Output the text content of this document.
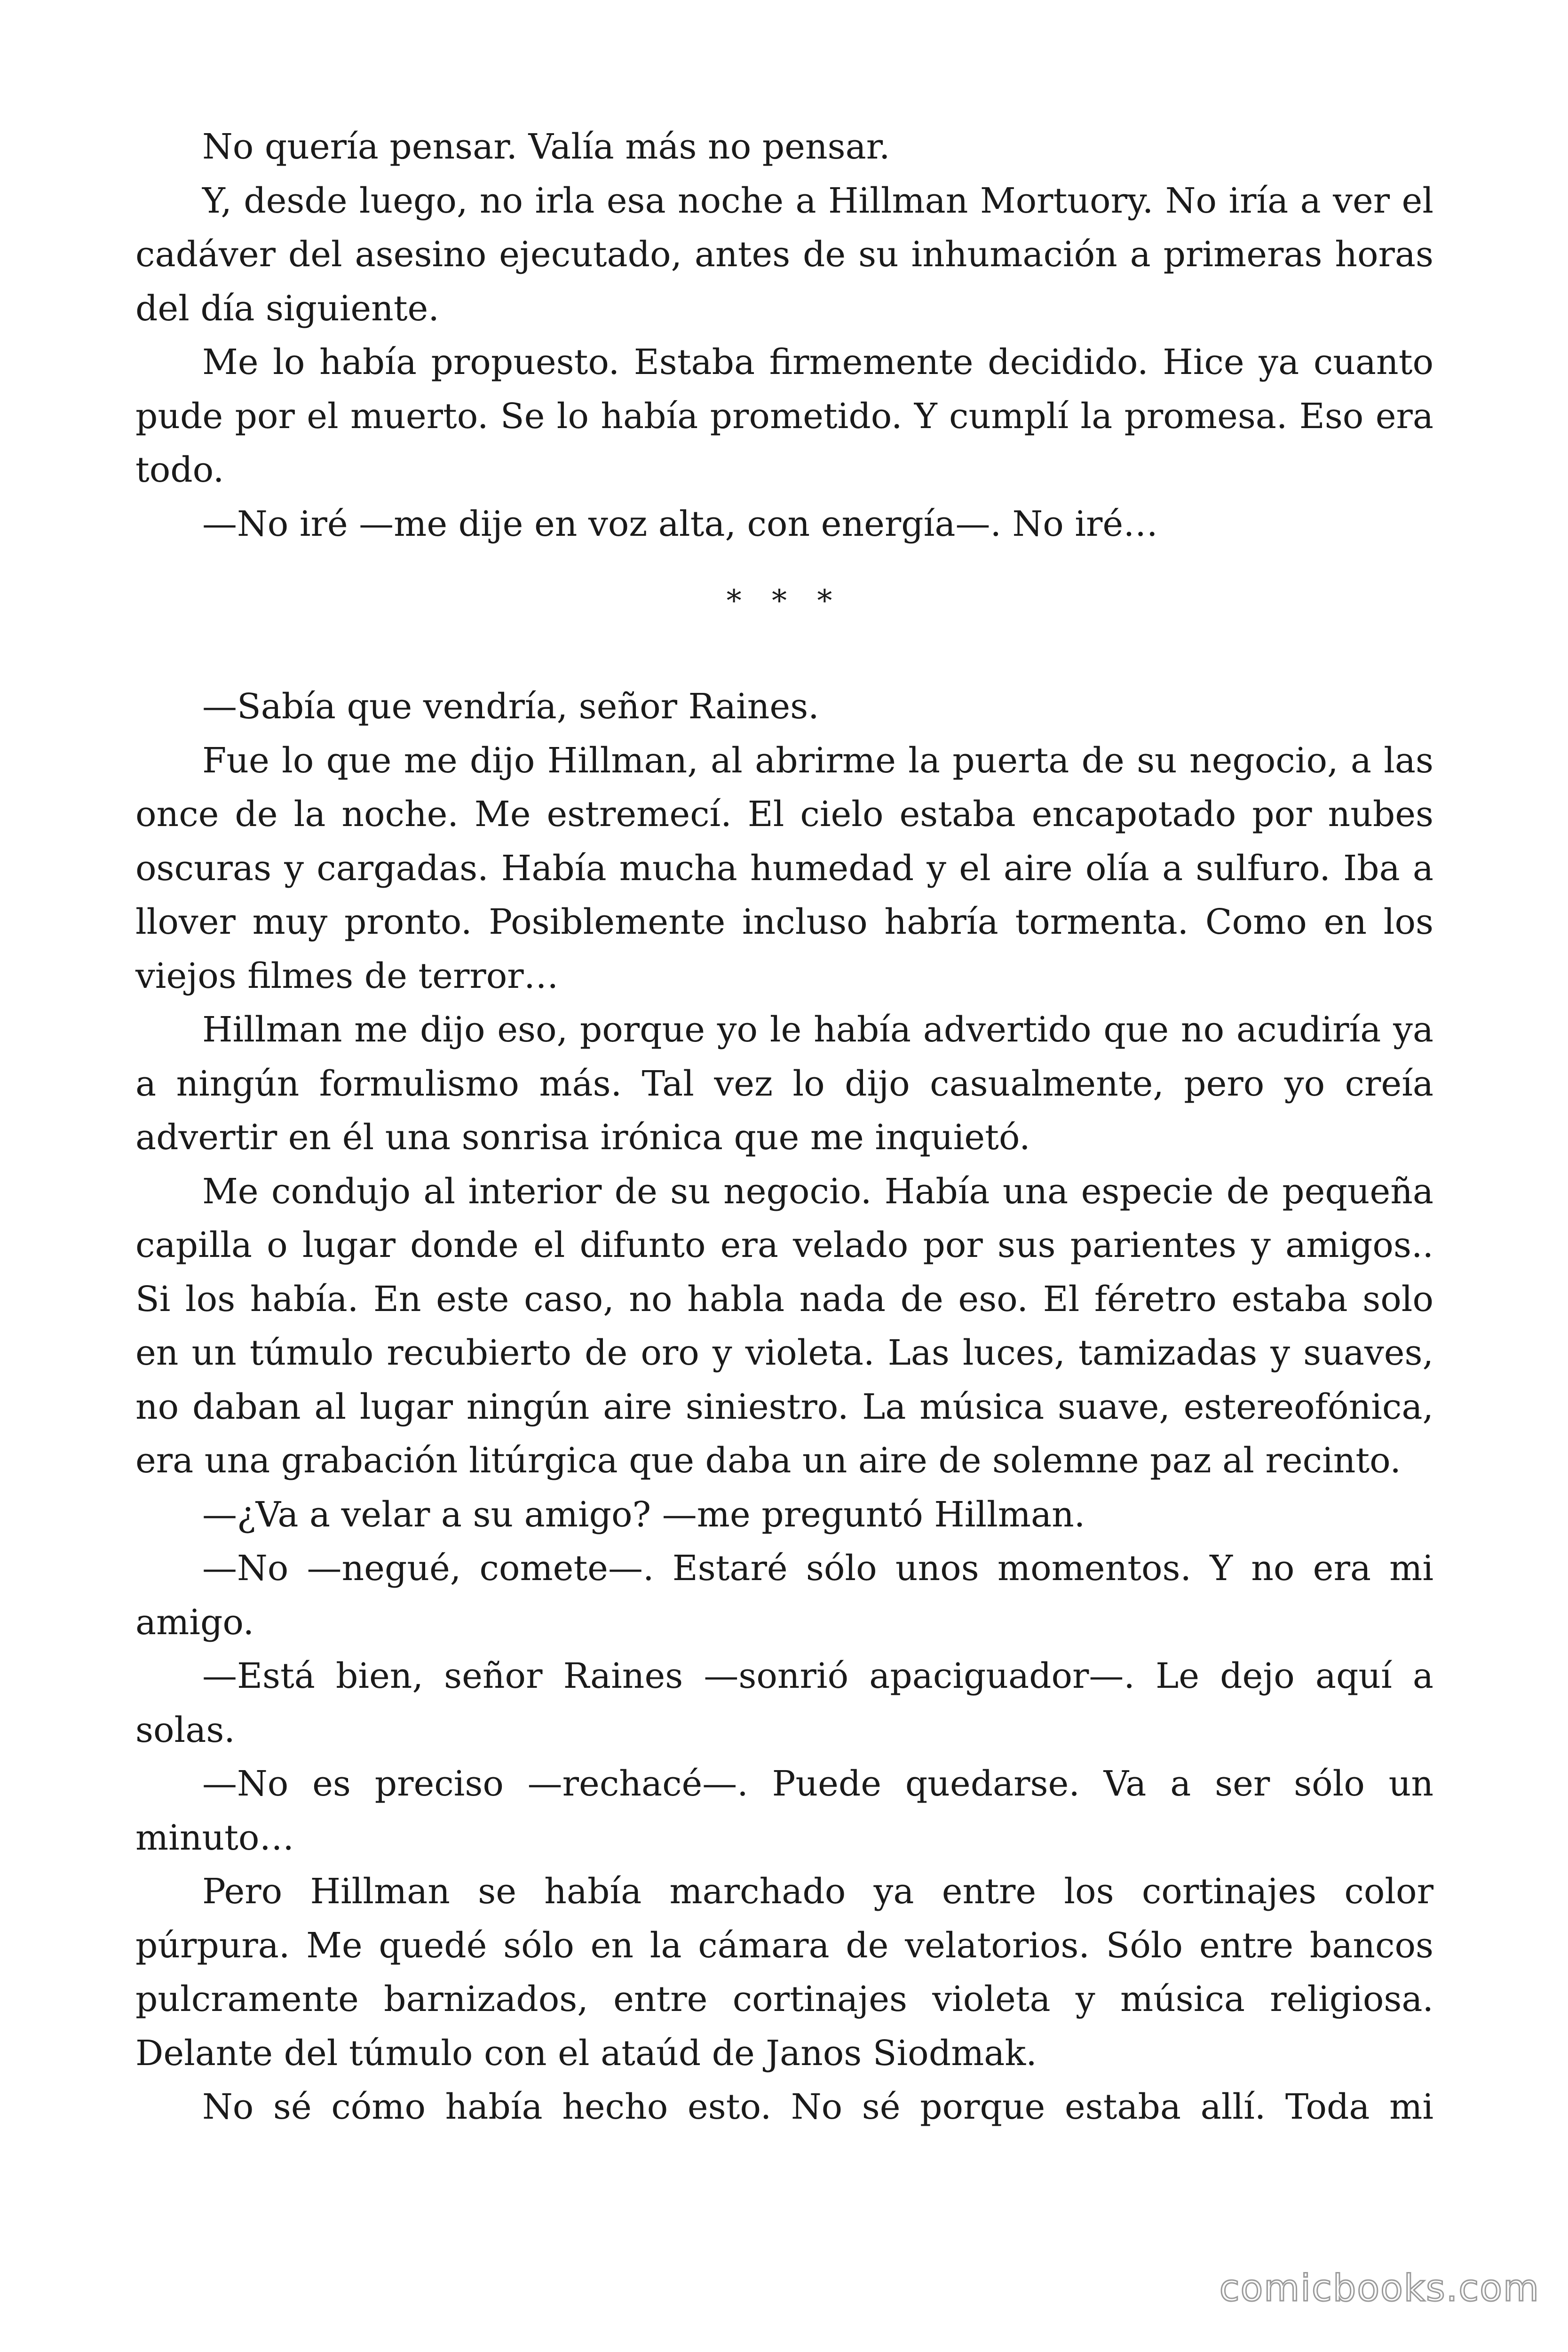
No quería pensar. Valía más no pensar.

Y, desde luego, no irla esa noche a Hillman Mortuory. No iría a ver el cadáver del asesino ejecutado, antes de su inhumación a primeras horas del día siguiente.

Me lo había propuesto. Estaba firmemente decidido. Hice ya cuanto pude por el muerto. Se lo había prometido. Y cumplí la promesa. Eso era todo.

—No iré —me dije en voz alta, con energía—. No iré…

* * *

—Sabía que vendría, señor Raines.

Fue lo que me dijo Hillman, al abrirme la puerta de su negocio, a las once de la noche. Me estremecí. El cielo estaba encapotado por nubes oscuras y cargadas. Había mucha humedad y el aire olía a sulfuro. Iba a llover muy pronto. Posiblemente incluso habría tormenta. Como en los viejos filmes de terror…

Hillman me dijo eso, porque yo le había advertido que no acudiría ya a ningún formulismo más. Tal vez lo dijo casualmente, pero yo creía advertir en él una sonrisa irónica que me inquietó.

Me condujo al interior de su negocio. Había una especie de pequeña capilla o lugar donde el difunto era velado por sus parientes y amigos.. Si los había. En este caso, no habla nada de eso. El féretro estaba solo en un túmulo recubierto de oro y violeta. Las luces, tamizadas y suaves, no daban al lugar ningún aire siniestro. La música suave, estereofónica, era una grabación litúrgica que daba un aire de solemne paz al recinto.

—¿Va a velar a su amigo? —me preguntó Hillman.

—No —negué, comete—. Estaré sólo unos momentos. Y no era mi amigo.

—Está bien, señor Raines —sonrió apaciguador—. Le dejo aquí a solas.

—No es preciso —rechacé—. Puede quedarse. Va a ser sólo un minuto…

Pero Hillman se había marchado ya entre los cortinajes color púrpura. Me quedé sólo en la cámara de velatorios. Sólo entre bancos pulcramente barnizados, entre cortinajes violeta y música religiosa. Delante del túmulo con el ataúd de Janos Siodmak.

No sé cómo había hecho esto. No sé porque estaba allí. Toda mi

comicbooks.com
